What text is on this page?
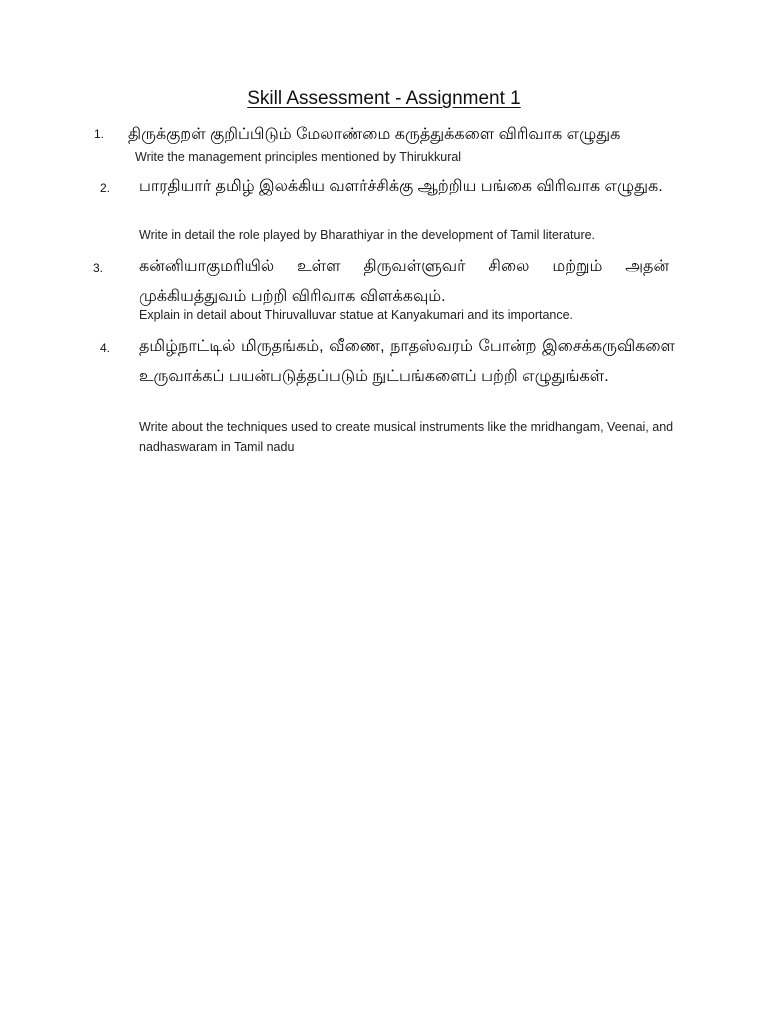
Skill Assessment - Assignment 1
1. திருக்குறள் குறிப்பிடும் மேலாண்மை கருத்துக்களை விரிவாக எழுதுக
Write the management principles mentioned by Thirukkural
2. பாரதியார் தமிழ் இலக்கிய வளர்ச்சிக்கு ஆற்றிய பங்கை விரிவாக எழுதுக.
Write in detail the role played by Bharathiyar in the development of Tamil literature.
3. கன்னியாகுமரியில் உள்ள திருவள்ளுவர் சிலை மற்றும் அதன் முக்கியத்துவம் பற்றி விரிவாக விளக்கவும்.
Explain in detail about Thiruvalluvar statue at Kanyakumari and its importance.
4. தமிழ்நாட்டில் மிருதங்கம், வீணை, நாதஸ்வரம் போன்ற இசைக்கருவிகளை உருவாக்கப் பயன்படுத்தப்படும் நுட்பங்களைப் பற்றி எழுதுங்கள்.
Write about the techniques used to create musical instruments like the mridhangam, Veenai, and nadhaswaram in Tamil nadu
